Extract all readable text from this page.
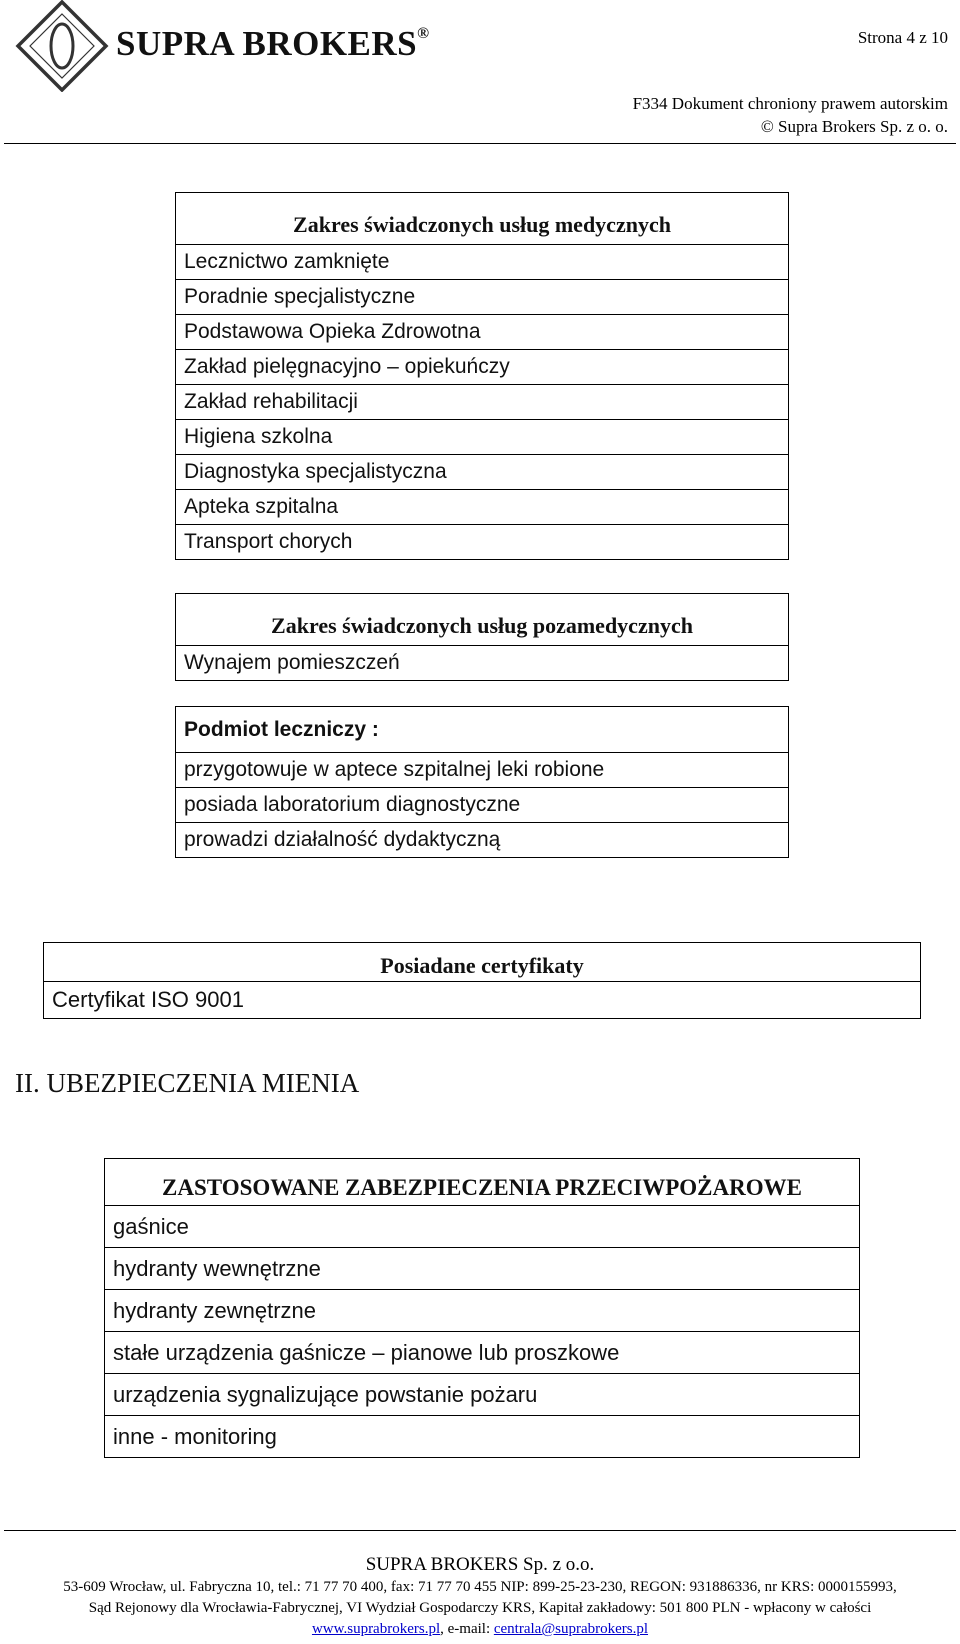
SUPRA BROKERS®	Strona 4 z 10
F334 Dokument chroniony prawem autorskim
© Supra Brokers Sp. z o. o.
Zakres świadczonych usług medycznych
Lecznictwo zamknięte
Poradnie specjalistyczne
Podstawowa Opieka Zdrowotna
Zakład pielęgnacyjno – opiekuńczy
Zakład rehabilitacji
Higiena szkolna
Diagnostyka specjalistyczna
Apteka szpitalna
Transport chorych
Zakres świadczonych usług pozamedycznych
Wynajem pomieszczeń
Podmiot leczniczy :
przygotowuje w aptece szpitalnej leki robione
posiada laboratorium diagnostyczne
prowadzi działalność dydaktyczną
Posiadane certyfikaty
Certyfikat ISO 9001
II. UBEZPIECZENIA MIENIA
ZASTOSOWANE ZABEZPIECZENIA PRZECIWPOŻAROWE
gaśnice
hydranty wewnętrzne
hydranty zewnętrzne
stałe urządzenia gaśnicze – pianowe lub proszkowe
urządzenia sygnalizujące powstanie pożaru
inne - monitoring
SUPRA BROKERS Sp. z o.o.
53-609 Wrocław, ul. Fabryczna 10, tel.: 71 77 70 400, fax: 71 77 70 455 NIP: 899-25-23-230, REGON: 931886336, nr KRS: 0000155993,
Sąd Rejonowy dla Wrocławia-Fabrycznej, VI Wydział Gospodarczy KRS, Kapitał zakładowy: 501 800 PLN - wpłacony w całości
www.suprabrokers.pl, e-mail: centrala@suprabrokers.pl
